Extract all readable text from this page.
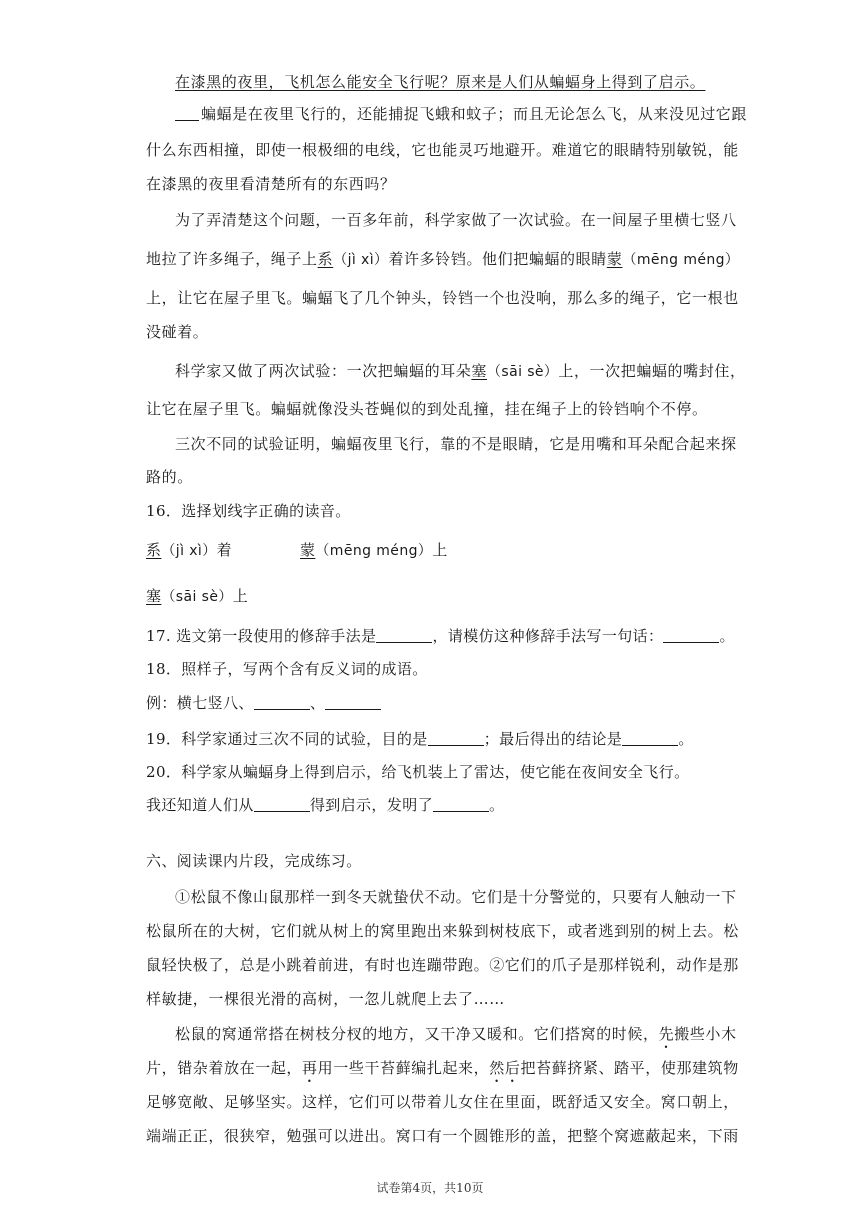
在漆黑的夜里，飞机怎么能安全飞行呢？原来是人们从蝙蝠身上得到了启示。
蝙蝠是在夜里飞行的，还能捕捉飞蛾和蚊子；而且无论怎么飞，从来没见过它跟
什么东西相撞，即使一根极细的电线，它也能灵巧地避开。难道它的眼睛特别敏锐，能
在漆黑的夜里看清楚所有的东西吗？
为了弄清楚这个问题，一百多年前，科学家做了一次试验。在一间屋子里横七竖八
地拉了许多绳子，绳子上系（jì xì）着许多铃铛。他们把蝙蝠的眼睛蒙（mēng méng）
上，让它在屋子里飞。蝙蝠飞了几个钟头，铃铛一个也没响，那么多的绳子，它一根也
没碰着。
科学家又做了两次试验：一次把蝙蝠的耳朵塞（sāi sè）上，一次把蝙蝠的嘴封住，
让它在屋子里飞。蝙蝠就像没头苍蝇似的到处乱撞，挂在绳子上的铃铛响个不停。
三次不同的试验证明，蝙蝠夜里飞行，靠的不是眼睛，它是用嘴和耳朵配合起来探
路的。
16．选择划线字正确的读音。
系（jì xì）着	蒙（mēng méng）上
塞（sāi sè）上
17. 选文第一段使用的修辞手法是	，请模仿这种修辞手法写一句话：	。
18．照样子，写两个含有反义词的成语。
例：横七竖八、	、
19．科学家通过三次不同的试验，目的是	；最后得出的结论是	。
20．科学家从蝙蝠身上得到启示，给飞机装上了雷达，使它能在夜间安全飞行。
我还知道人们从	得到启示，发明了	。
六、阅读课内片段，完成练习。
①松鼠不像山鼠那样一到冬天就蛰伏不动。它们是十分警觉的，只要有人触动一下
松鼠所在的大树，它们就从树上的窝里跑出来躲到树枝底下，或者逃到别的树上去。松
鼠轻快极了，总是小跳着前进，有时也连蹦带跑。②它们的爪子是那样锐利，动作是那
样敏捷，一棵很光滑的高树，一忽儿就爬上去了……
松鼠的窝通常搭在树枝分杈的地方，又干净又暖和。它们搭窝的时候，先搬些小木
片，错杂着放在一起，再用一些干苔藓编扎起来，然后把苔藓挤紧、踏平，使那建筑物
足够宽敞、足够坚实。这样，它们可以带着儿女住在里面，既舒适又安全。窝口朝上，
端端正正，很狭窄，勉强可以进出。窝口有一个圆锥形的盖，把整个窝遮蔽起来，下雨
试卷第4页，共10页
